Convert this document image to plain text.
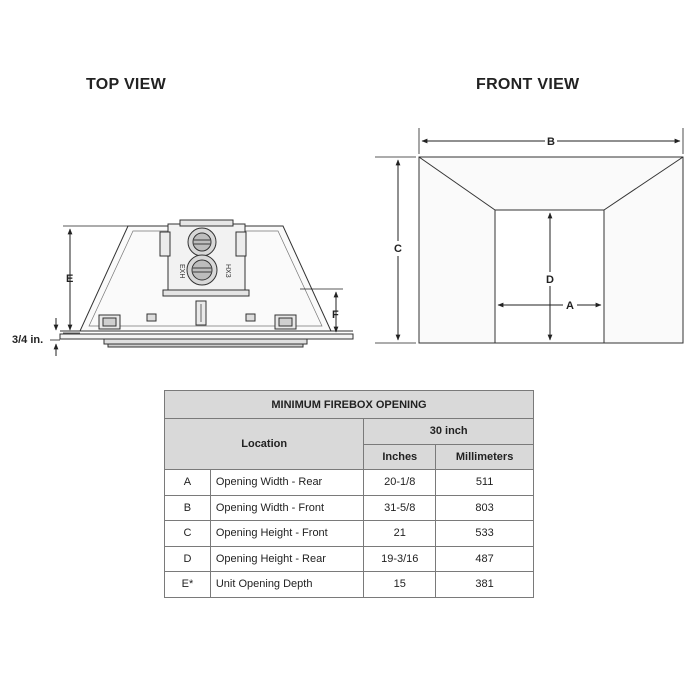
TOP VIEW	FRONT VIEW
EXH	HX3
E
3/4 in.
F
B
C
D
A
MINIMUM FIREBOX OPENING			
Location		30 inch	
		Inches	Millimeters
A	Opening Width - Rear	20-1/8	511
B	Opening Width - Front	31-5/8	803
C	Opening Height - Front	21	533
D	Opening Height - Rear	19-3/16	487
E*	Unit Opening Depth	15	381
